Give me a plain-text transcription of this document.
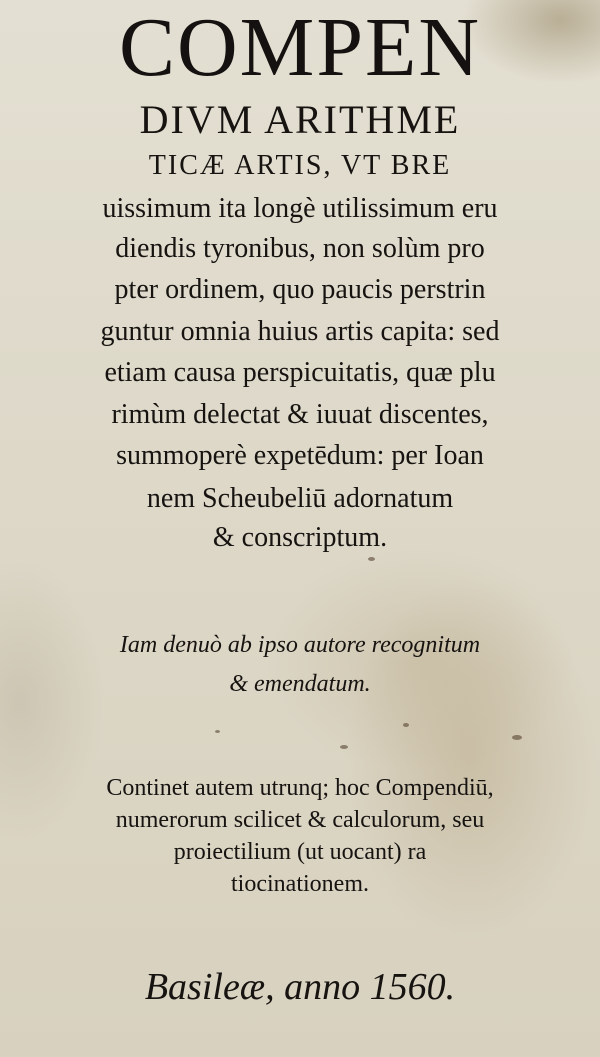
COMPEN
DIVM ARITHME
TICÆ ARTIS, VT BRE
uissimum ita longè utilissimum eru
diendis tyronibus, non solùm pro
pter ordinem, quo paucis perstrin
guntur omnia huius artis capita: sed
etiam causa perspicuitatis, quæ plu
rimùm delectat & iuuat discentes,
summoperè expetēdum: per Ioan
nem Scheubeliū adornatum
& conscriptum.
Iam denuò ab ipso autore recognitum
& emendatum.
Continet autem utrunq; hoc Compendiū,
numerorum scilicet & calculorum, seu
proiectilium (ut uocant) ra
tiocinationem.
Basileæ, anno 1560.
